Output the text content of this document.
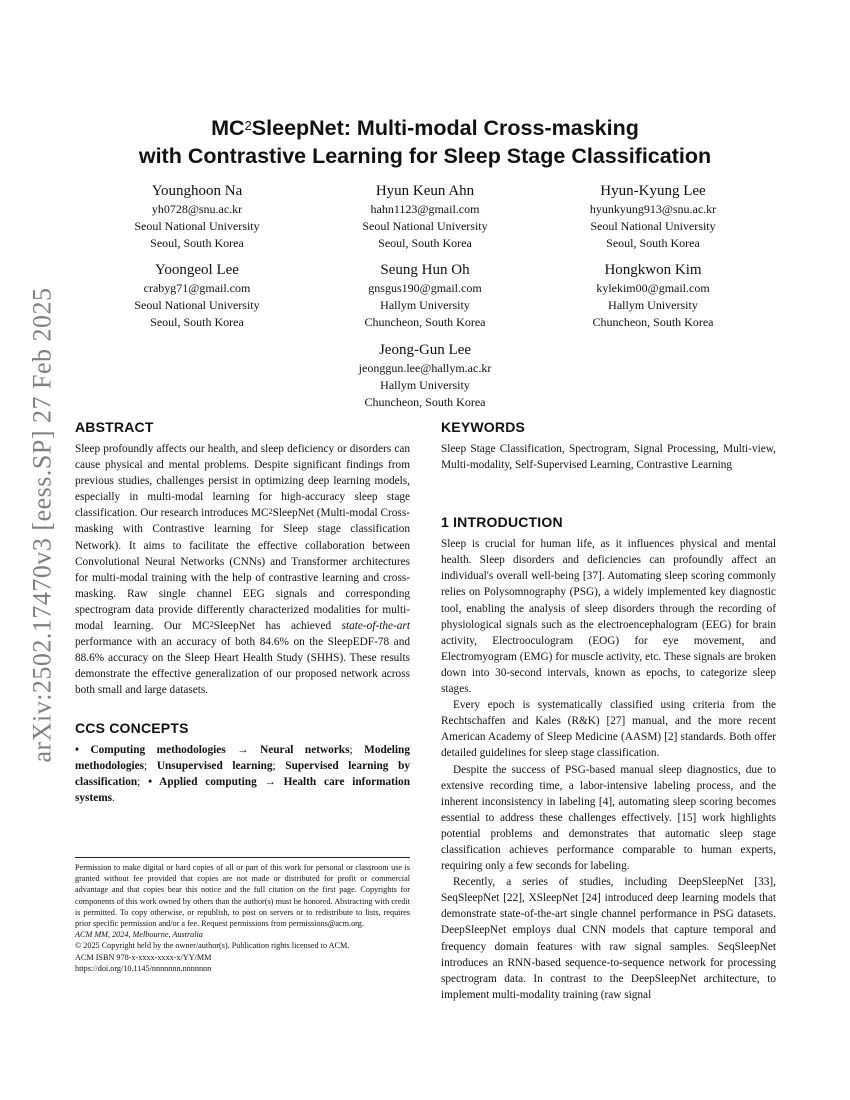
arXiv:2502.17470v3 [eess.SP] 27 Feb 2025
$MC^2SleepNet$: Multi-modal Cross-masking
with Contrastive Learning for Sleep Stage Classification
Younghoon Na
yh0728@snu.ac.kr
Seoul National University
Seoul, South Korea
Hyun Keun Ahn
hahn1123@gmail.com
Seoul National University
Seoul, South Korea
Hyun-Kyung Lee
hyunkyung913@snu.ac.kr
Seoul National University
Seoul, South Korea
Yoongeol Lee
crabyg71@gmail.com
Seoul National University
Seoul, South Korea
Seung Hun Oh
gnsgus190@gmail.com
Hallym University
Chuncheon, South Korea
Hongkwon Kim
kylekim00@gmail.com
Hallym University
Chuncheon, South Korea
Jeong-Gun Lee
jeonggun.lee@hallym.ac.kr
Hallym University
Chuncheon, South Korea
ABSTRACT

Sleep profoundly affects our health, and sleep deficiency or disorders can cause physical and mental problems. Despite significant findings from previous studies, challenges persist in optimizing deep learning models, especially in multi-modal learning for high-accuracy sleep stage classification. Our research introduces $MC^2SleepNet$ (Multi-modal Cross-masking with Contrastive learning for Sleep stage classification Network). It aims to facilitate the effective collaboration between Convolutional Neural Networks (CNNs) and Transformer architectures for multi-modal training with the help of contrastive learning and cross-masking. Raw single channel EEG signals and corresponding spectrogram data provide differently characterized modalities for multi-modal learning. Our $MC^2SleepNet$ has achieved state-of-the-art performance with an accuracy of both 84.6% on the SleepEDF-78 and 88.6% accuracy on the Sleep Heart Health Study (SHHS). These results demonstrate the effective generalization of our proposed network across both small and large datasets.

CCS CONCEPTS

• Computing methodologies → Neural networks; Modeling methodologies; Unsupervised learning; Supervised learning by classification; • Applied computing → Health care information systems.

Permission to make digital or hard copies of all or part of this work for personal or classroom use is granted without fee provided that copies are not made or distributed for profit or commercial advantage and that copies bear this notice and the full citation on the first page. Copyrights for components of this work owned by others than the author(s) must be honored. Abstracting with credit is permitted. To copy otherwise, or republish, to post on servers or to redistribute to lists, requires prior specific permission and/or a fee. Request permissions from permissions@acm.org.
ACM MM, 2024, Melbourne, Australia
© 2025 Copyright held by the owner/author(s). Publication rights licensed to ACM.
ACM ISBN 978-x-xxxx-xxxx-x/YY/MM
https://doi.org/10.1145/nnnnnnn.nnnnnnn
KEYWORDS

Sleep Stage Classification, Spectrogram, Signal Processing, Multi-view, Multi-modality, Self-Supervised Learning, Contrastive Learning

1 INTRODUCTION

Sleep is crucial for human life, as it influences physical and mental health. Sleep disorders and deficiencies can profoundly affect an individual's overall well-being [37]. Automating sleep scoring commonly relies on Polysomnography (PSG), a widely implemented key diagnostic tool, enabling the analysis of sleep disorders through the recording of physiological signals such as the electroencephalogram (EEG) for brain activity, Electrooculogram (EOG) for eye movement, and Electromyogram (EMG) for muscle activity, etc. These signals are broken down into 30-second intervals, known as epochs, to categorize sleep stages.

Every epoch is systematically classified using criteria from the Rechtschaffen and Kales (R&K) [27] manual, and the more recent American Academy of Sleep Medicine (AASM) [2] standards. Both offer detailed guidelines for sleep stage classification.

Despite the success of PSG-based manual sleep diagnostics, due to extensive recording time, a labor-intensive labeling process, and the inherent inconsistency in labeling [4], automating sleep scoring becomes essential to address these challenges effectively. [15] work highlights potential problems and demonstrates that automatic sleep stage classification achieves performance comparable to human experts, requiring only a few seconds for labeling.

Recently, a series of studies, including DeepSleepNet [33], SeqSleepNet [22], XSleepNet [24] introduced deep learning models that demonstrate state-of-the-art single channel performance in PSG datasets. DeepSleepNet employs dual CNN models that capture temporal and frequency domain features with raw signal samples. SeqSleepNet introduces an RNN-based sequence-to-sequence network for processing spectrogram data. In contrast to the DeepSleepNet architecture, to implement multi-modality training (raw signal
